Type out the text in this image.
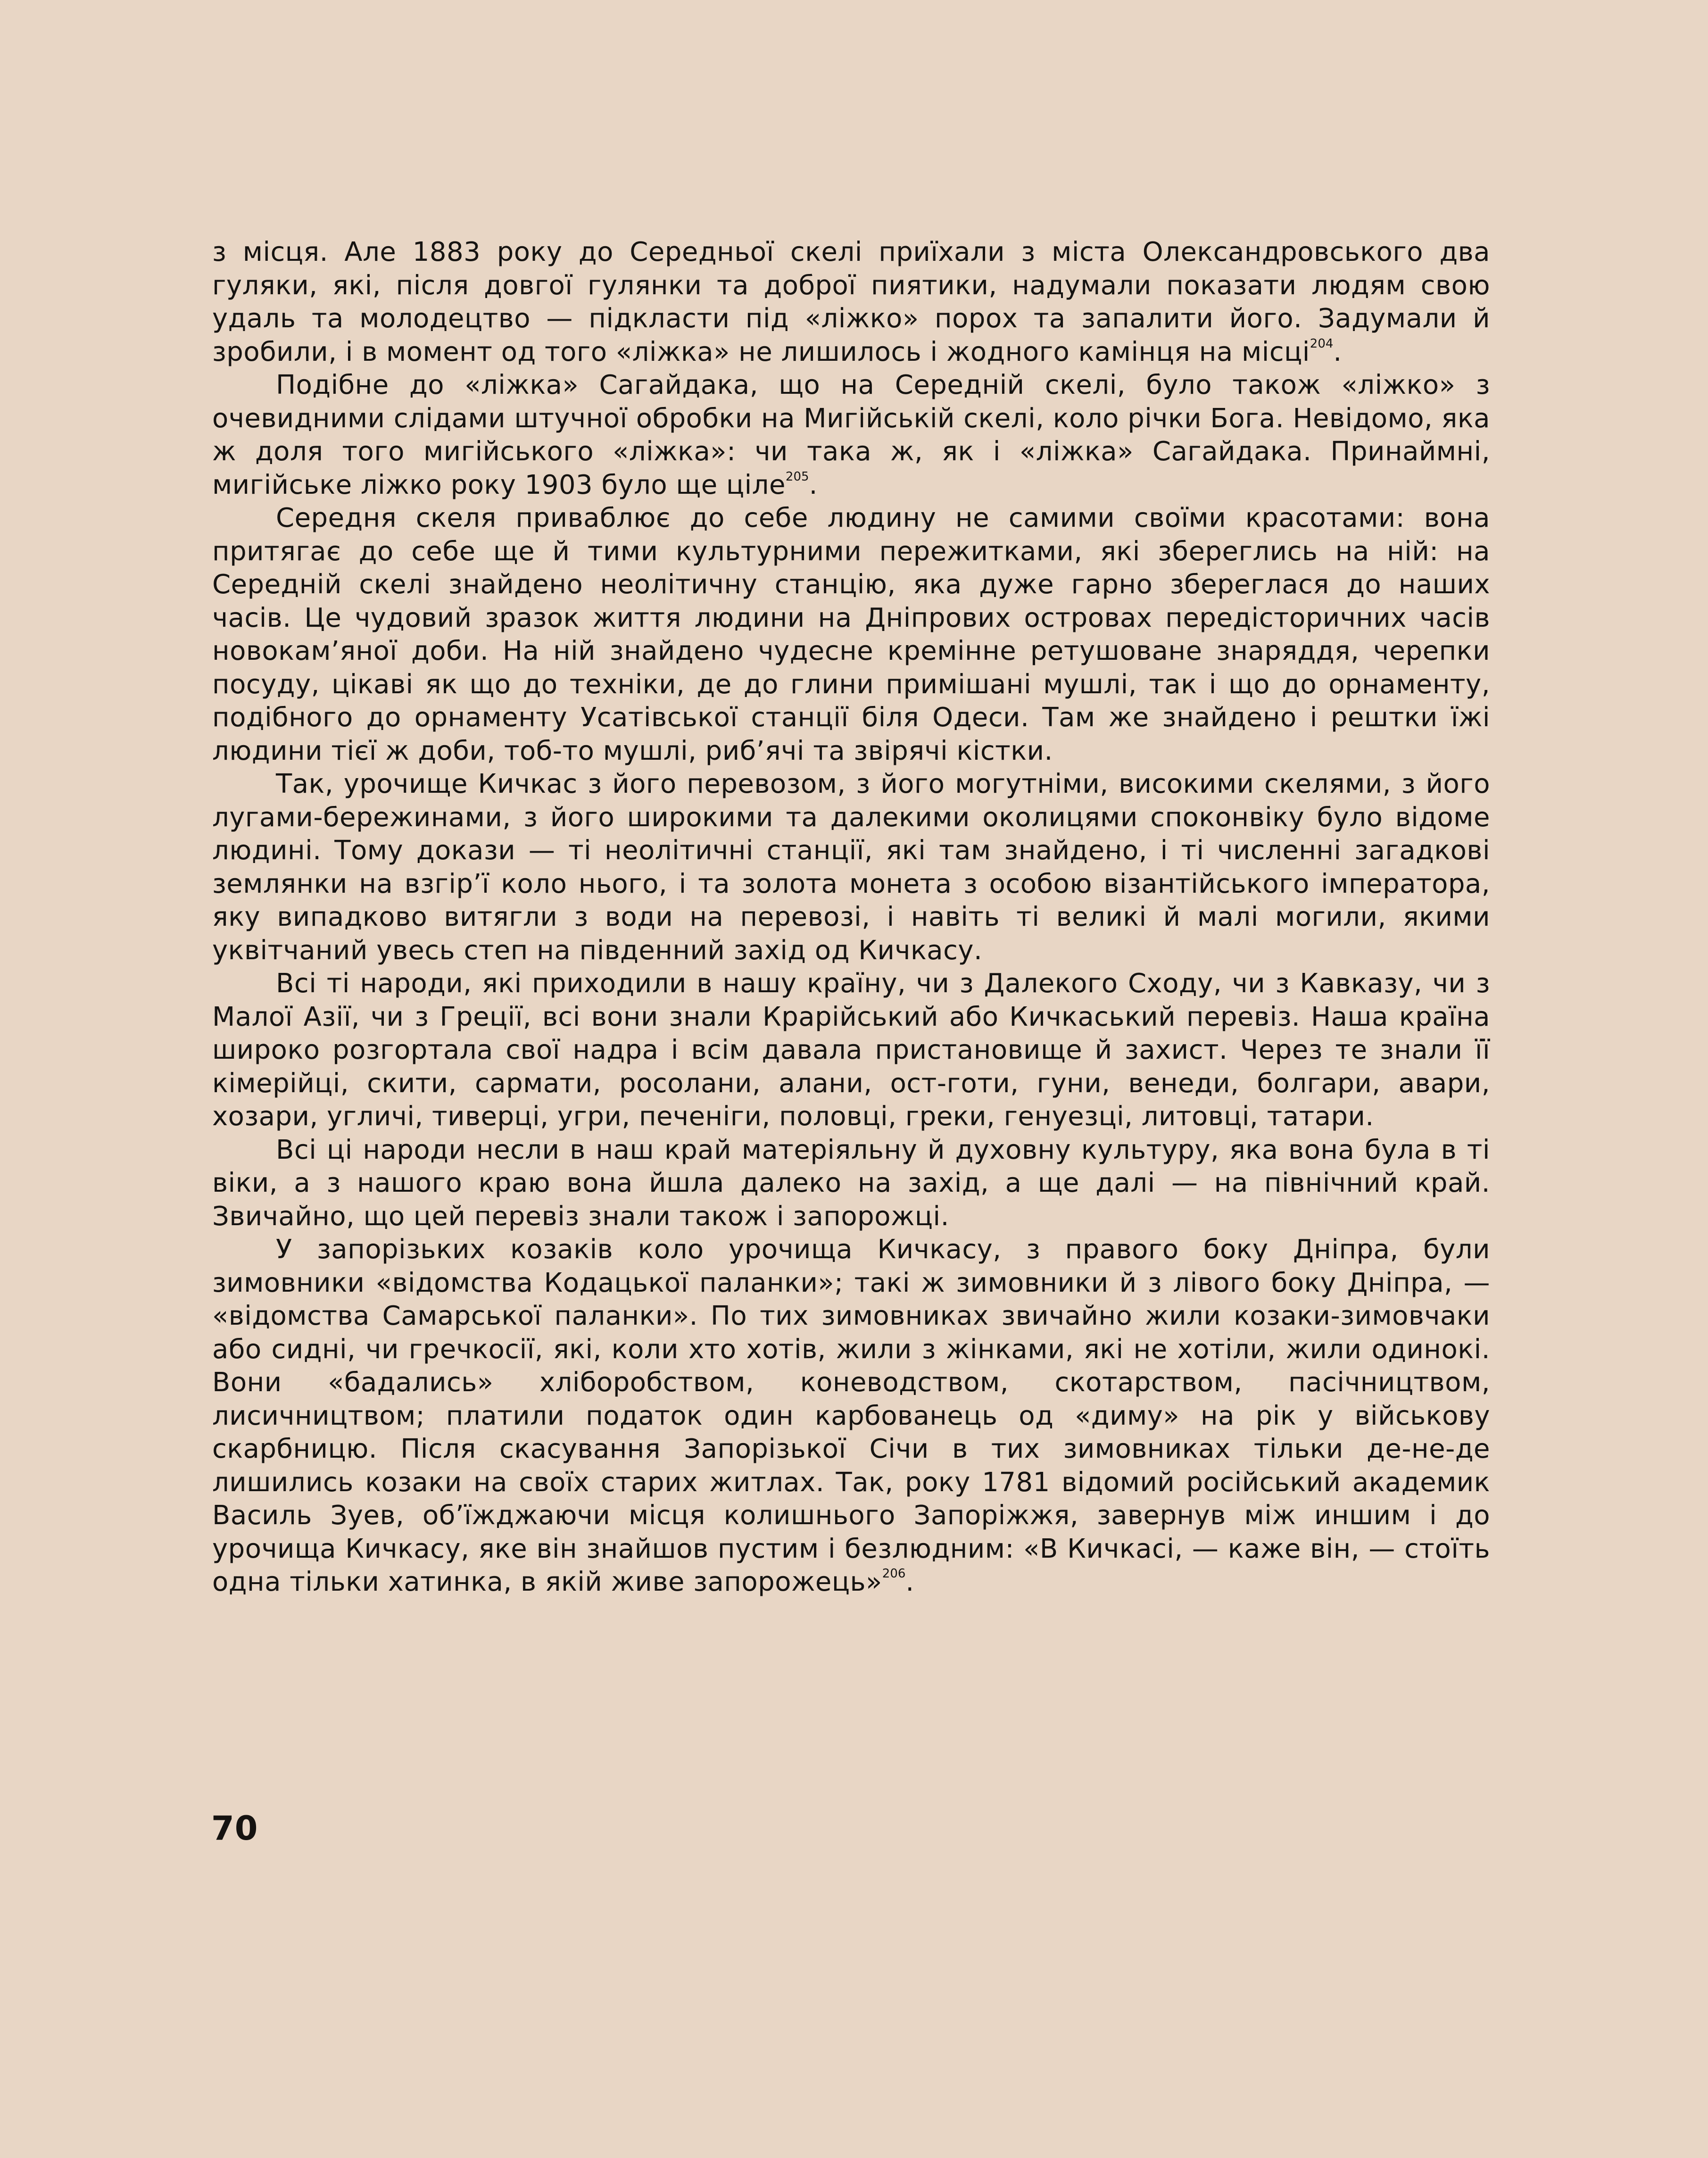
з місця. Але 1883 року до Середньої скелі приїхали з міста Олександровського два гуляки, які, після довгої гулянки та доброї пиятики, надумали показати людям свою удаль та молодецтво — підкласти під «ліжко» порох та запалити його. Задумали й зробили, і в момент од того «ліжка» не лишилось і жодного камінця на місці$^{204}$.

Подібне до «ліжка» Сагайдака, що на Середній скелі, було також «ліжко» з очевидними слідами штучної обробки на Мигійській скелі, коло річки Бога. Невідомо, яка ж доля того мигійського «ліжка»: чи така ж, як і «ліжка» Сагайдака. Принаймні, мигійське ліжко року 1903 було ще ціле$^{205}$.

Середня скеля приваблює до себе людину не самими своїми красотами: вона притягає до себе ще й тими культурними пережитками, які збереглись на ній: на Середній скелі знайдено неолітичну станцію, яка дуже гарно збереглася до наших часів. Це чудовий зразок життя людини на Дніпрових островах передісторичних часів новокам’яної доби. На ній знайдено чудесне кремінне ретушоване знаряддя, черепки посуду, цікаві як що до техніки, де до глини примішані мушлі, так і що до орнаменту, подібного до орнаменту Усатівської станції біля Одеси. Там же знайдено і рештки їжі людини тієї ж доби, тоб-то мушлі, риб’ячі та звірячі кістки.

Так, урочище Кичкас з його перевозом, з його могутніми, високими скелями, з його лугами-бережинами, з його широкими та далекими околицями споконвіку було відоме людині. Тому докази — ті неолітичні станції, які там знайдено, і ті численні загадкові землянки на взгір’ї коло нього, і та золота монета з особою візантійського імператора, яку випадково витягли з води на перевозі, і навіть ті великі й малі могили, якими уквітчаний увесь степ на південний захід од Кичкасу.

Всі ті народи, які приходили в нашу країну, чи з Далекого Сходу, чи з Кавказу, чи з Малої Азії, чи з Греції, всі вони знали Крарійський або Кичкаський перевіз. Наша країна широко розгортала свої надра і всім давала пристановище й захист. Через те знали її кімерійці, скити, сармати, росолани, алани, ост-готи, гуни, венеди, болгари, авари, хозари, угличі, тиверці, угри, печеніги, половці, греки, генуезці, литовці, татари.

Всі ці народи несли в наш край матеріяльну й духовну культуру, яка вона була в ті віки, а з нашого краю вона йшла далеко на захід, а ще далі — на північний край. Звичайно, що цей перевіз знали також і запорожці.

У запорізьких козаків коло урочища Кичкасу, з правого боку Дніпра, були зимовники «відомства Кодацької паланки»; такі ж зимовники й з лівого боку Дніпра, — «відомства Самарської паланки». По тих зимовниках звичайно жили козаки-зимовчаки або сидні, чи гречкосії, які, коли хто хотів, жили з жінками, які не хотіли, жили одинокі. Вони «бадались» хліборобством, коневодством, скотарством, пасічництвом, лисичництвом; платили податок один карбованець од «диму» на рік у військову скарбницю. Після скасування Запорізької Січи в тих зимовниках тільки де-не-де лишились козаки на своїх старих житлах. Так, року 1781 відомий російський академик Василь Зуев, об’їжджаючи місця колишнього Запоріжжя, завернув між иншим і до урочища Кичкасу, яке він знайшов пустим і безлюдним: «В Кичкасі, — каже він, — стоїть одна тільки хатинка, в якій живе запорожець»$^{206}$.

70
